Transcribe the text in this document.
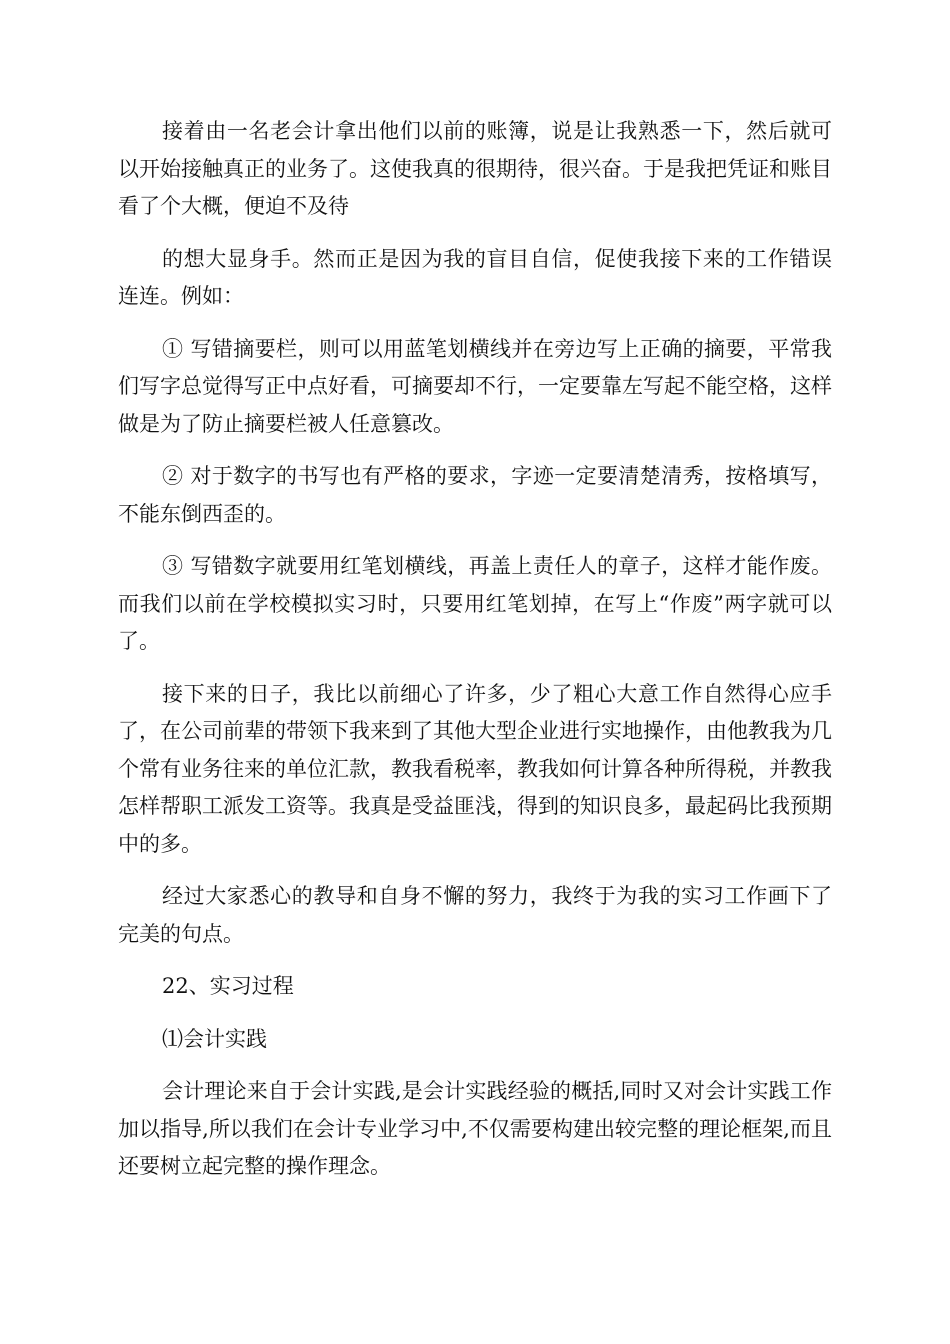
接着由一名老会计拿出他们以前的账簿，说是让我熟悉一下，然后就可以开始接触真正的业务了。这使我真的很期待，很兴奋。于是我把凭证和账目看了个大概，便迫不及待

的想大显身手。然而正是因为我的盲目自信，促使我接下来的工作错误连连。例如：

① 写错摘要栏，则可以用蓝笔划横线并在旁边写上正确的摘要，平常我们写字总觉得写正中点好看，可摘要却不行，一定要靠左写起不能空格，这样做是为了防止摘要栏被人任意篡改。

② 对于数字的书写也有严格的要求，字迹一定要清楚清秀，按格填写，不能东倒西歪的。

③ 写错数字就要用红笔划横线，再盖上责任人的章子，这样才能作废。而我们以前在学校模拟实习时，只要用红笔划掉，在写上“作废”两字就可以了。

接下来的日子，我比以前细心了许多，少了粗心大意工作自然得心应手了，在公司前辈的带领下我来到了其他大型企业进行实地操作，由他教我为几个常有业务往来的单位汇款，教我看税率，教我如何计算各种所得税，并教我怎样帮职工派发工资等。我真是受益匪浅，得到的知识良多，最起码比我预期中的多。

经过大家悉心的教导和自身不懈的努力，我终于为我的实习工作画下了完美的句点。

22、实习过程

⑴会计实践

会计理论来自于会计实践,是会计实践经验的概括,同时又对会计实践工作加以指导,所以我们在会计专业学习中,不仅需要构建出较完整的理论框架,而且还要树立起完整的操作理念。
